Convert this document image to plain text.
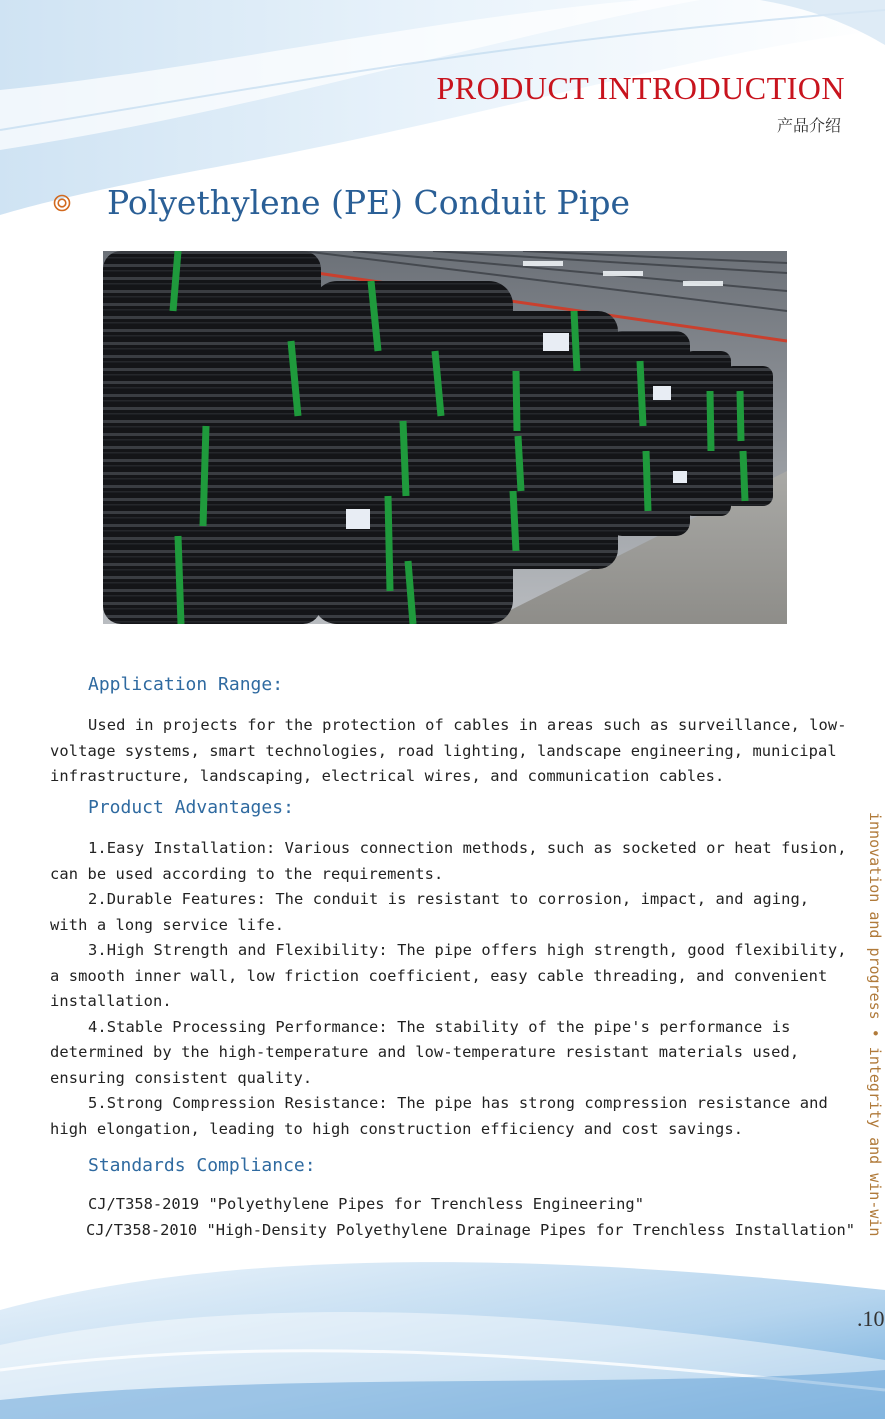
PRODUCT INTRODUCTION
产品介绍
Polyethylene (PE) Conduit Pipe
Application Range:

Used in projects for the protection of cables in areas such as surveillance, low-voltage systems, smart technologies, road lighting, landscape engineering, municipal infrastructure, landscaping, electrical wires, and communication cables.

Product Advantages:

1.Easy Installation: Various connection methods, such as socketed or heat fusion, can be used according to the requirements.

2.Durable Features: The conduit is resistant to corrosion, impact, and aging, with a long service life.

3.High Strength and Flexibility: The pipe offers high strength, good flexibility, a smooth inner wall, low friction coefficient, easy cable threading, and convenient installation.

4.Stable Processing Performance: The stability of the pipe's performance is determined by the high-temperature and low-temperature resistant materials used, ensuring consistent quality.

5.Strong Compression Resistance: The pipe has strong compression resistance and high elongation, leading to high construction efficiency and cost savings.

Standards Compliance:
CJ/T358-2019 "Polyethylene Pipes for Trenchless Engineering"
CJ/T358-2010 "High-Density Polyethylene Drainage Pipes for Trenchless Installation" innovation and progress • integrity and win-win
.10
